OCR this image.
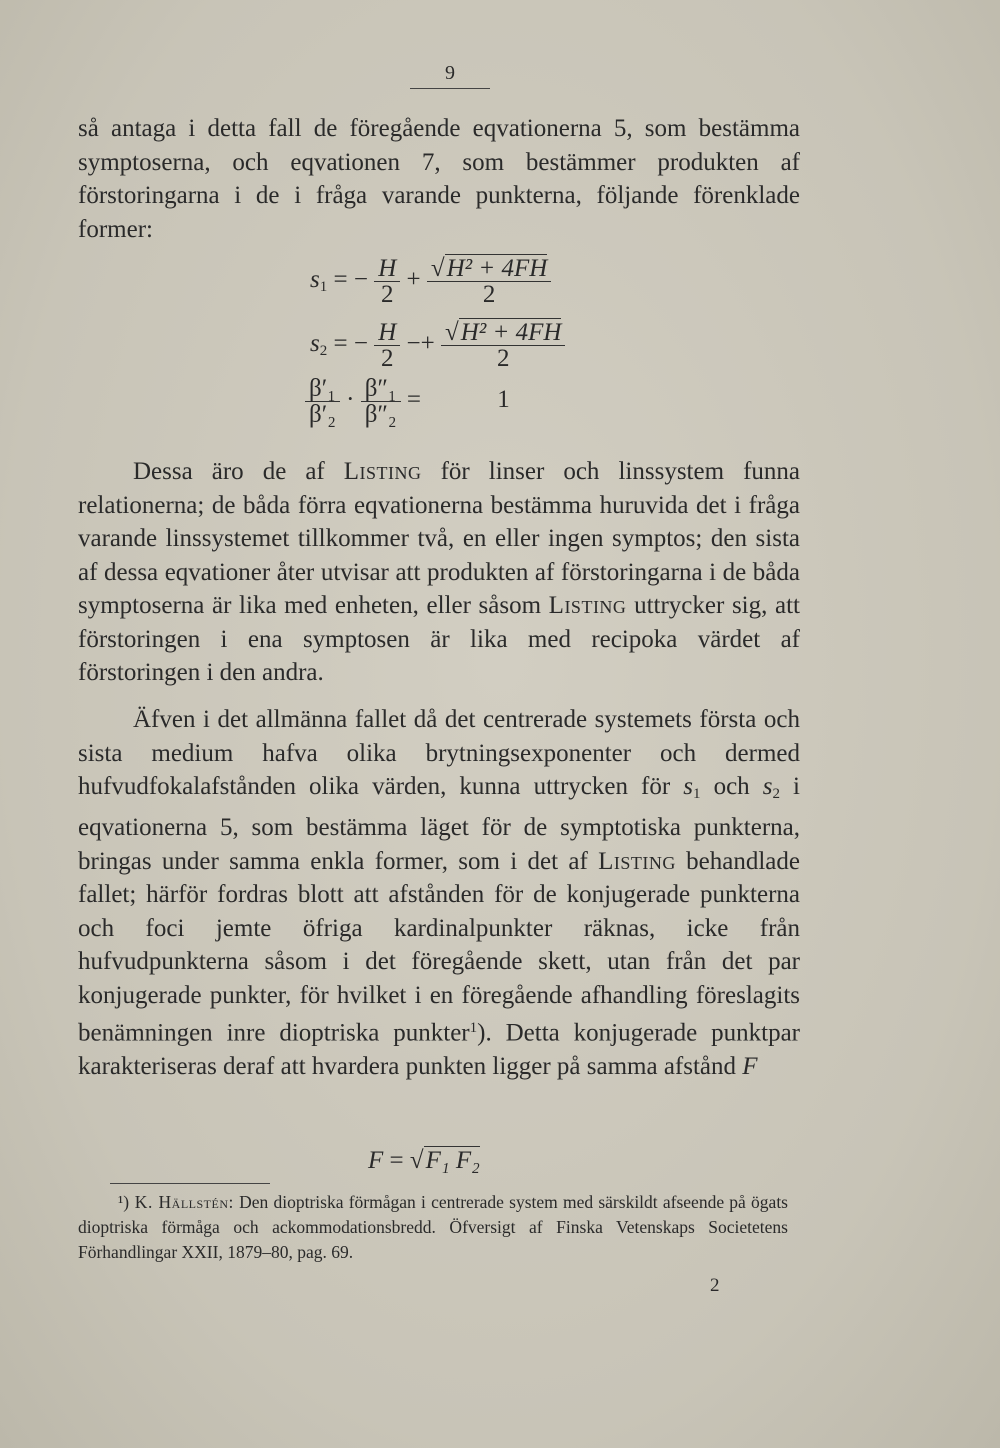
9

så antaga i detta fall de föregående eqvationerna 5, som bestämma symptoserna, och eqvationen 7, som bestämmer produkten af förstoringarna i de i fråga varande punkterna, följande förenklade former:

$s_1$ = − $\frac{H}{2} + \frac{\text{√H² + 4FH}}{2}$
$s_2$ = − $\frac{H}{2} -+ \frac{\text{√H² + 4FH}}{2}$
$\frac{\text{β′₁}}{\text{β′₂}} \cdot \frac{\text{β″₁}}{\text{β″₂}}$ =	1

Dessa äro de af Listing för linser och linssystem funna relationerna; de båda förra eqvationerna bestämma huruvida det i fråga varande linssystemet tillkommer två, en eller ingen symptos; den sista af dessa eqvationer åter utvisar att produkten af förstoringarna i de båda symptoserna är lika med enheten, eller såsom Listing uttrycker sig, att förstoringen i ena symptosen är lika med recipoka värdet af förstoringen i den andra.

Äfven i det allmänna fallet då det centrerade systemets första och sista medium hafva olika brytningsexponenter och dermed hufvudfokalafstånden olika värden, kunna uttrycken för $s_1$ och $s_2$ i eqvationerna 5, som bestämma läget för de symptotiska punkterna, bringas under samma enkla former, som i det af Listing behandlade fallet; härför fordras blott att afstånden för de konjugerade punkterna och foci jemte öfriga kardinalpunkter räknas, icke från hufvudpunkterna såsom i det föregående skett, utan från det par konjugerade punkter, för hvilket i en föregående afhandling föreslagits benämningen inre dioptriska punkter$^1$). Detta konjugerade punktpar karakteriseras deraf att hvardera punkten ligger på samma afstånd F

F = √F₁ F₂

¹) K. Hällstén: Den dioptriska förmågan i centrerade system med särskildt afseende på ögats dioptriska förmåga och ackommodationsbredd. Öfversigt af Finska Vetenskaps Societetens Förhandlingar XXII, 1879–80, pag. 69.

2
